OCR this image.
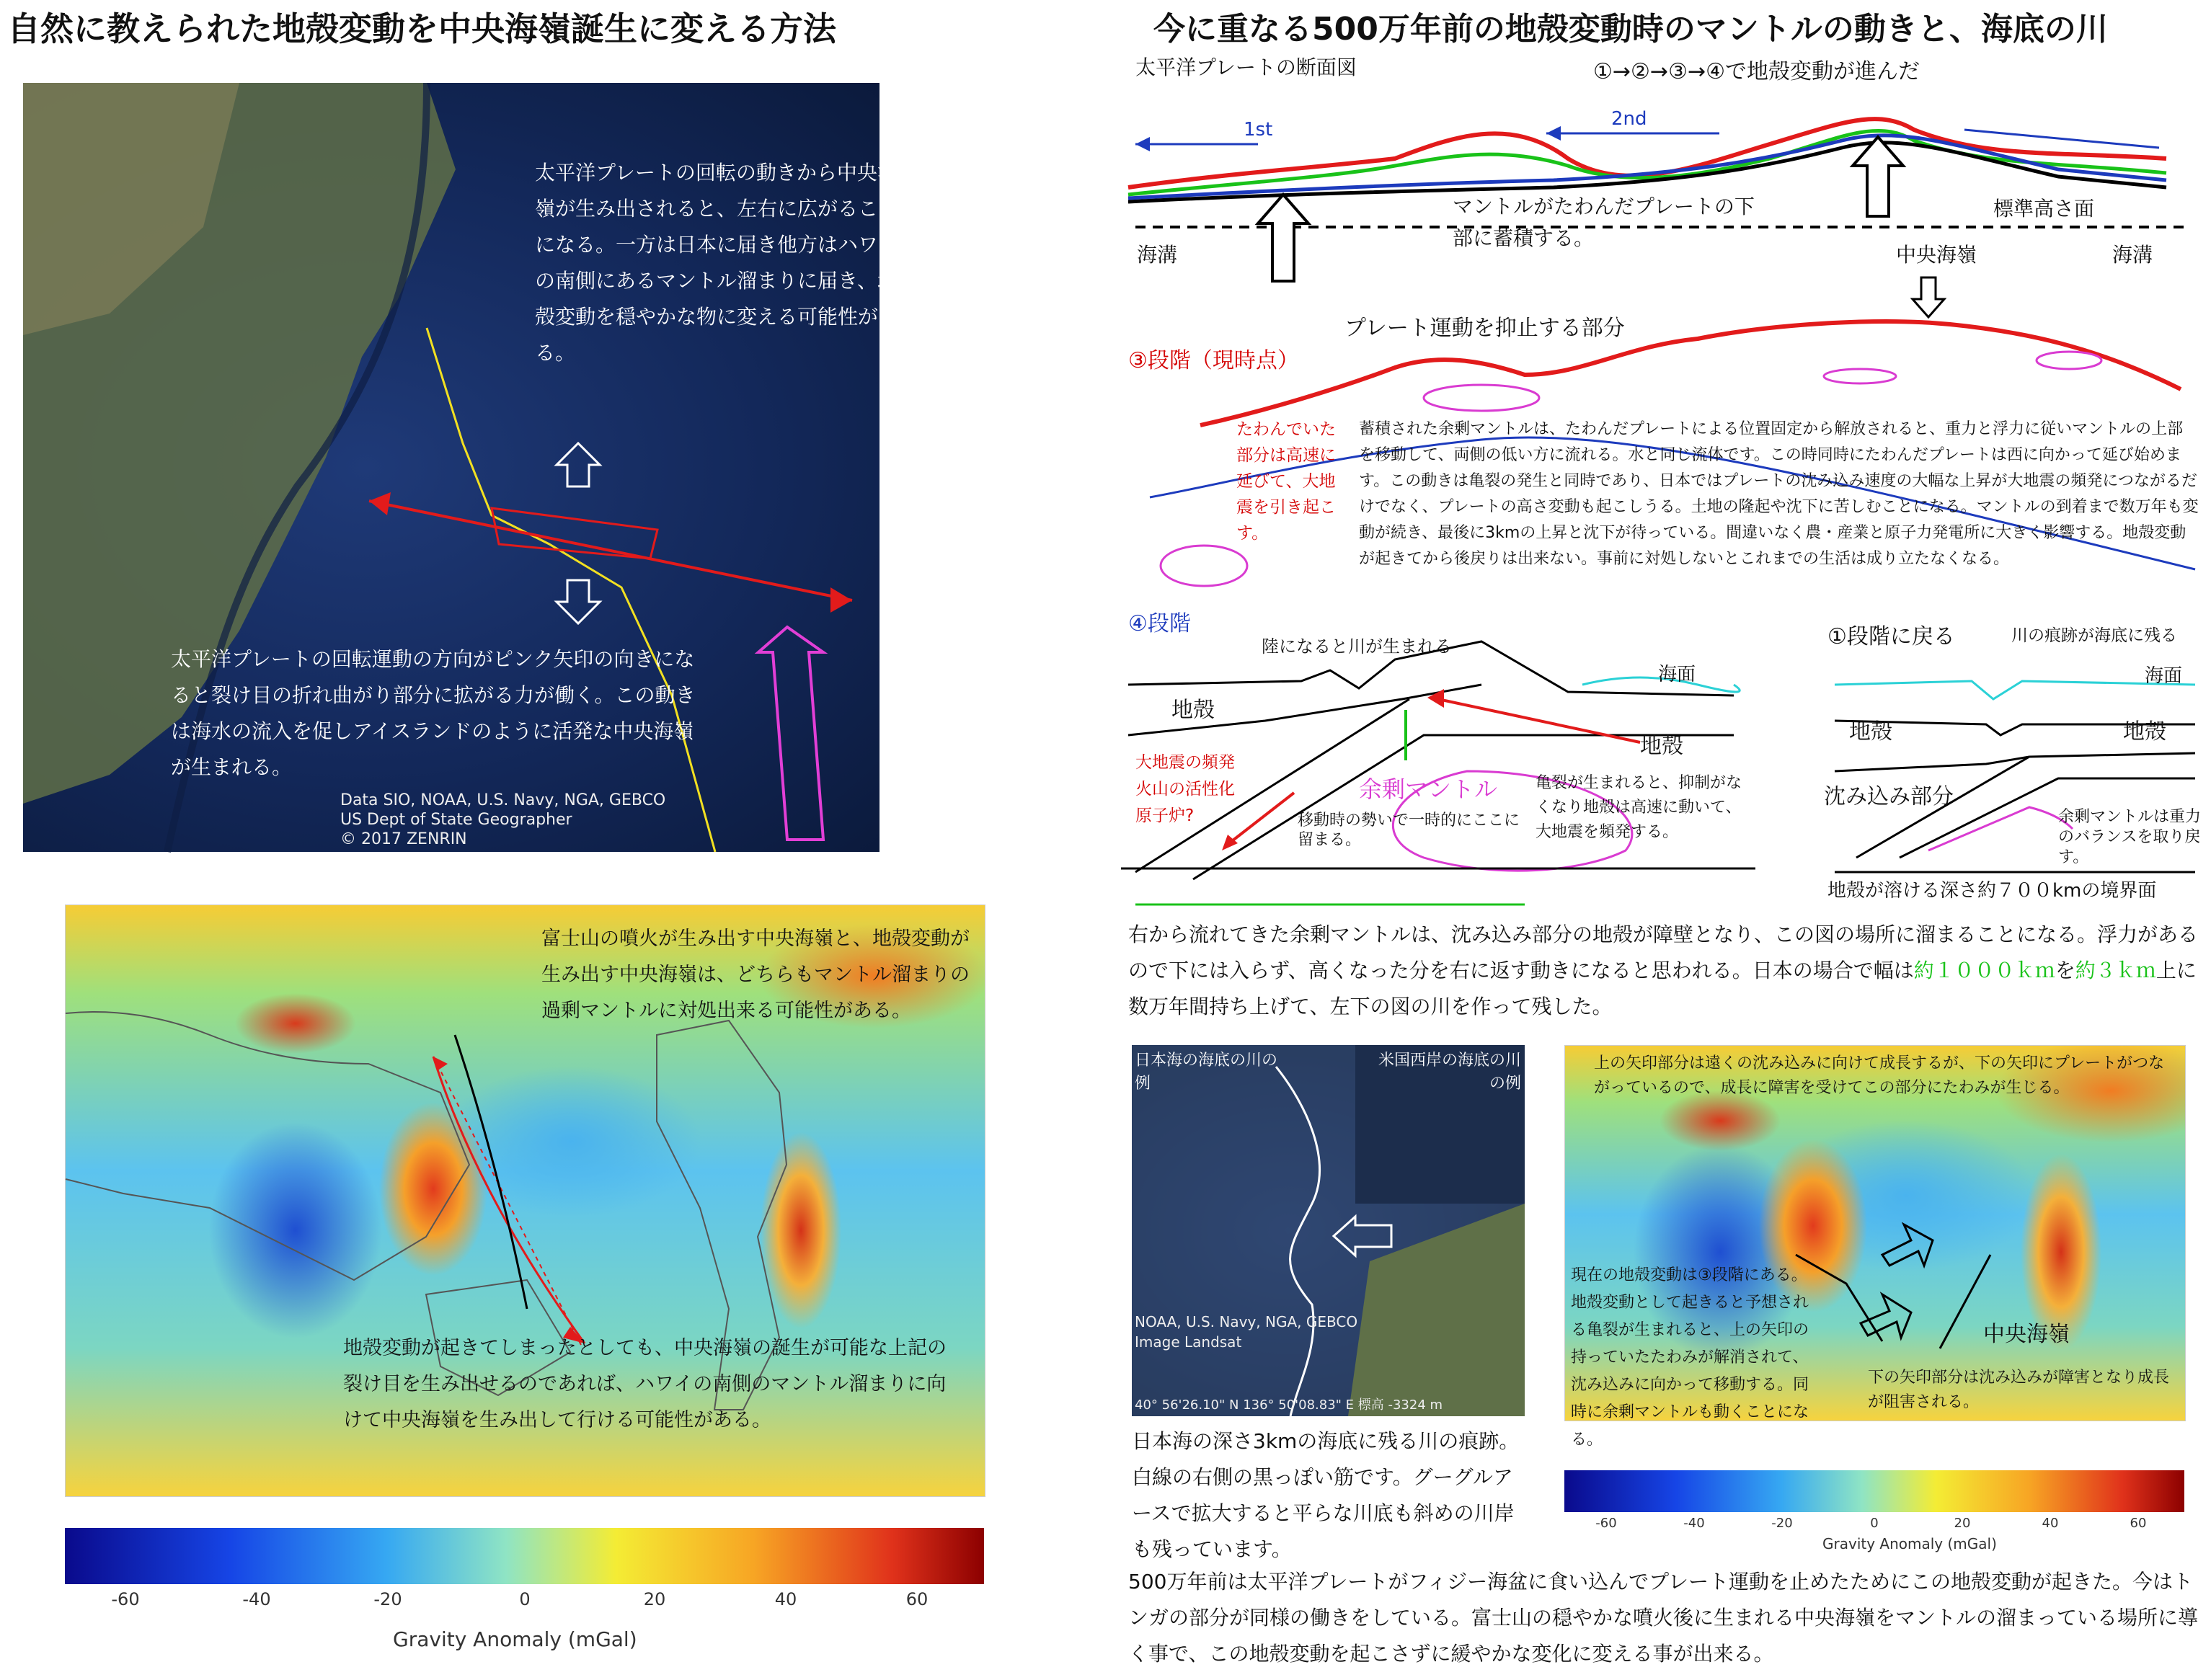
自然に教えられた地殻変動を中央海嶺誕生に変える方法	今に重なる500万年前の地殻変動時のマントルの動きと、海底の川
太平洋プレートの回転の動きから中央海嶺が生み出されると、左右に広がることになる。一方は日本に届き他方はハワイの南側にあるマントル溜まりに届き、地殻変動を穏やかな物に変える可能性がある。
太平洋プレートの回転運動の方向がピンク矢印の向きになると裂け目の折れ曲がり部分に拡がる力が働く。この動きは海水の流入を促しアイスランドのように活発な中央海嶺が生まれる。
Data SIO, NOAA, U.S. Navy, NGA, GEBCO
US Dept of State Geographer
© 2017 ZENRIN
富士山の噴火が生み出す中央海嶺と、地殻変動が生み出す中央海嶺は、どちらもマントル溜まりの過剰マントルに対処出来る可能性がある。
地殻変動が起きてしまったとしても、中央海嶺の誕生が可能な上記の裂け目を生み出せるのであれば、ハワイの南側のマントル溜まりに向けて中央海嶺を生み出して行ける可能性がある。
-60	-40	-20	0	20	40	60
Gravity Anomaly (mGal)
太平洋プレートの断面図	①→②→③→④で地殻変動が進んだ
1st	2nd
マントルがたわんだプレートの下部に蓄積する。
標準高さ面
海溝	海溝
中央海嶺
プレート運動を抑止する部分
③段階（現時点）
たわんでいた部分は高速に延びて、大地震を引き起こす。
蓄積された余剰マントルは、たわんだプレートによる位置固定から解放されると、重力と浮力に従いマントルの上部を移動して、両側の低い方に流れる。水と同じ流体です。この時同時にたわんだプレートは西に向かって延び始めます。この動きは亀裂の発生と同時であり、日本ではプレートの沈み込み速度の大幅な上昇が大地震の頻発につながるだけでなく、プレートの高さ変動も起こしうる。土地の隆起や沈下に苦しむことになる。マントルの到着まで数万年も変動が続き、最後に3kmの上昇と沈下が待っている。間違いなく農・産業と原子力発電所に大きく影響する。地殻変動が起きてから後戻りは出来ない。事前に対処しないとこれまでの生活は成り立たなくなる。
④段階
陸になると川が生まれる
海面
地殻
地殻
大地震の頻発
火山の活性化
原子炉?
余剰マントル
移動時の勢いで一時的にここに留まる。
亀裂が生まれると、抑制がなくなり地殻は高速に動いて、大地震を頻発する。
①段階に戻る	川の痕跡が海底に残る
海面
地殻	地殻
沈み込み部分
余剰マントルは重力のバランスを取り戻す。
地殻が溶ける深さ約７００kmの境界面
右から流れてきた余剰マントルは、沈み込み部分の地殻が障壁となり、この図の場所に溜まることになる。浮力があるので下には入らず、高くなった分を右に返す動きになると思われる。日本の場合で幅は約１０００ｋｍを約３ｋｍ上に数万年間持ち上げて、左下の図の川を作って残した。
日本海の海底の川の例
米国西岸の海底の川の例
NOAA, U.S. Navy, NGA, GEBCO
Image Landsat
40° 56'26.10" N 136° 50'08.83" E 標高 -3324 m
日本海の深さ3kmの海底に残る川の痕跡。白線の右側の黒っぽい筋です。グーグルアースで拡大すると平らな川底も斜めの川岸も残っています。
上の矢印部分は遠くの沈み込みに向けて成長するが、下の矢印にプレートがつながっているので、成長に障害を受けてこの部分にたわみが生じる。
現在の地殻変動は③段階にある。地殻変動として起きると予想される亀裂が生まれると、上の矢印の持っていたたわみが解消されて、沈み込みに向かって移動する。同時に余剰マントルも動くことになる。
中央海嶺
下の矢印部分は沈み込みが障害となり成長が阻害される。
-60	-40	-20	0	20	40	60
Gravity Anomaly (mGal)
500万年前は太平洋プレートがフィジー海盆に食い込んでプレート運動を止めたためにこの地殻変動が起きた。今はトンガの部分が同様の働きをしている。富士山の穏やかな噴火後に生まれる中央海嶺をマントルの溜まっている場所に導く事で、この地殻変動を起こさずに緩やかな変化に変える事が出来る。
